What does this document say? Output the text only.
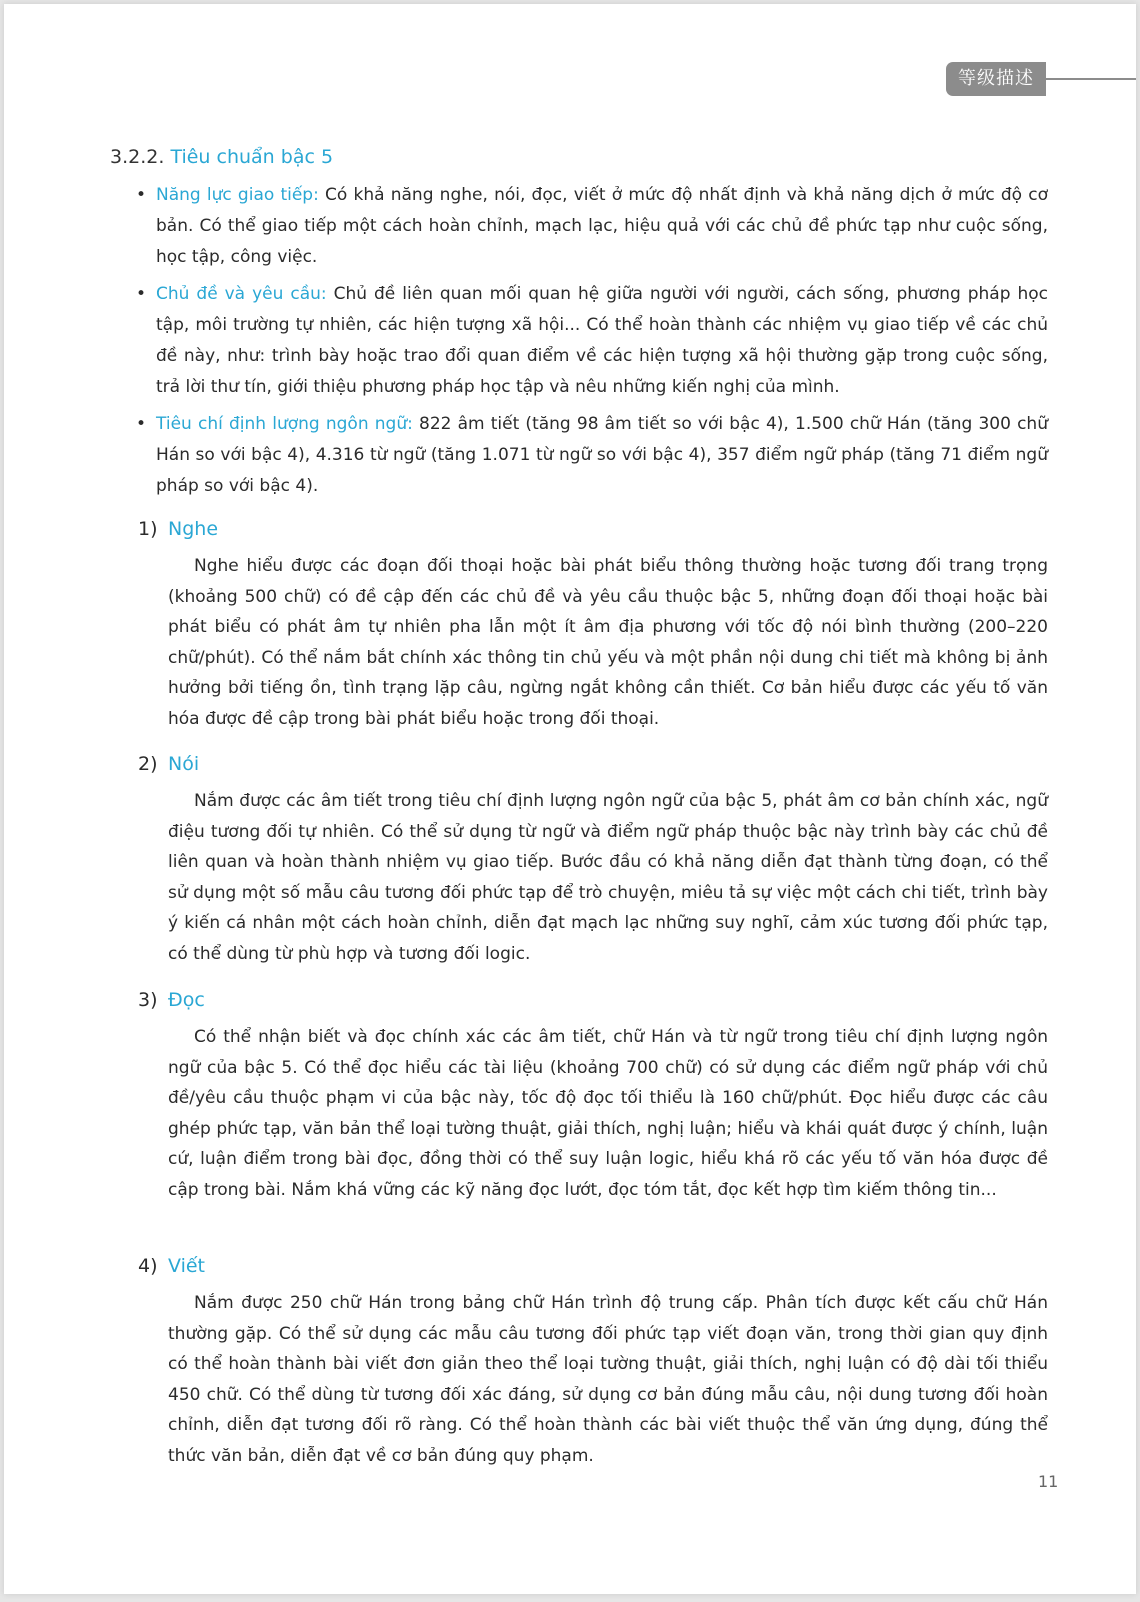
等级描述
3.2.2. Tiêu chuẩn bậc 5
• Năng lực giao tiếp: Có khả năng nghe, nói, đọc, viết ở mức độ nhất định và khả năng dịch ở mức độ cơ bản. Có thể giao tiếp một cách hoàn chỉnh, mạch lạc, hiệu quả với các chủ đề phức tạp như cuộc sống, học tập, công việc.
• Chủ đề và yêu cầu: Chủ đề liên quan mối quan hệ giữa người với người, cách sống, phương pháp học tập, môi trường tự nhiên, các hiện tượng xã hội... Có thể hoàn thành các nhiệm vụ giao tiếp về các chủ đề này, như: trình bày hoặc trao đổi quan điểm về các hiện tượng xã hội thường gặp trong cuộc sống, trả lời thư tín, giới thiệu phương pháp học tập và nêu những kiến nghị của mình.
• Tiêu chí định lượng ngôn ngữ: 822 âm tiết (tăng 98 âm tiết so với bậc 4), 1.500 chữ Hán (tăng 300 chữ Hán so với bậc 4), 4.316 từ ngữ (tăng 1.071 từ ngữ so với bậc 4), 357 điểm ngữ pháp (tăng 71 điểm ngữ pháp so với bậc 4).
1) Nghe
Nghe hiểu được các đoạn đối thoại hoặc bài phát biểu thông thường hoặc tương đối trang trọng (khoảng 500 chữ) có đề cập đến các chủ đề và yêu cầu thuộc bậc 5, những đoạn đối thoại hoặc bài phát biểu có phát âm tự nhiên pha lẫn một ít âm địa phương với tốc độ nói bình thường (200–220 chữ/phút). Có thể nắm bắt chính xác thông tin chủ yếu và một phần nội dung chi tiết mà không bị ảnh hưởng bởi tiếng ồn, tình trạng lặp câu, ngừng ngắt không cần thiết. Cơ bản hiểu được các yếu tố văn hóa được đề cập trong bài phát biểu hoặc trong đối thoại.
2) Nói
Nắm được các âm tiết trong tiêu chí định lượng ngôn ngữ của bậc 5, phát âm cơ bản chính xác, ngữ điệu tương đối tự nhiên. Có thể sử dụng từ ngữ và điểm ngữ pháp thuộc bậc này trình bày các chủ đề liên quan và hoàn thành nhiệm vụ giao tiếp. Bước đầu có khả năng diễn đạt thành từng đoạn, có thể sử dụng một số mẫu câu tương đối phức tạp để trò chuyện, miêu tả sự việc một cách chi tiết, trình bày ý kiến cá nhân một cách hoàn chỉnh, diễn đạt mạch lạc những suy nghĩ, cảm xúc tương đối phức tạp, có thể dùng từ phù hợp và tương đối logic.
3) Đọc
Có thể nhận biết và đọc chính xác các âm tiết, chữ Hán và từ ngữ trong tiêu chí định lượng ngôn ngữ của bậc 5. Có thể đọc hiểu các tài liệu (khoảng 700 chữ) có sử dụng các điểm ngữ pháp với chủ đề/yêu cầu thuộc phạm vi của bậc này, tốc độ đọc tối thiểu là 160 chữ/phút. Đọc hiểu được các câu ghép phức tạp, văn bản thể loại tường thuật, giải thích, nghị luận; hiểu và khái quát được ý chính, luận cứ, luận điểm trong bài đọc, đồng thời có thể suy luận logic, hiểu khá rõ các yếu tố văn hóa được đề cập trong bài. Nắm khá vững các kỹ năng đọc lướt, đọc tóm tắt, đọc kết hợp tìm kiếm thông tin...
4) Viết
Nắm được 250 chữ Hán trong bảng chữ Hán trình độ trung cấp. Phân tích được kết cấu chữ Hán thường gặp. Có thể sử dụng các mẫu câu tương đối phức tạp viết đoạn văn, trong thời gian quy định có thể hoàn thành bài viết đơn giản theo thể loại tường thuật, giải thích, nghị luận có độ dài tối thiểu 450 chữ. Có thể dùng từ tương đối xác đáng, sử dụng cơ bản đúng mẫu câu, nội dung tương đối hoàn chỉnh, diễn đạt tương đối rõ ràng. Có thể hoàn thành các bài viết thuộc thể văn ứng dụng, đúng thể thức văn bản, diễn đạt về cơ bản đúng quy phạm.
11
